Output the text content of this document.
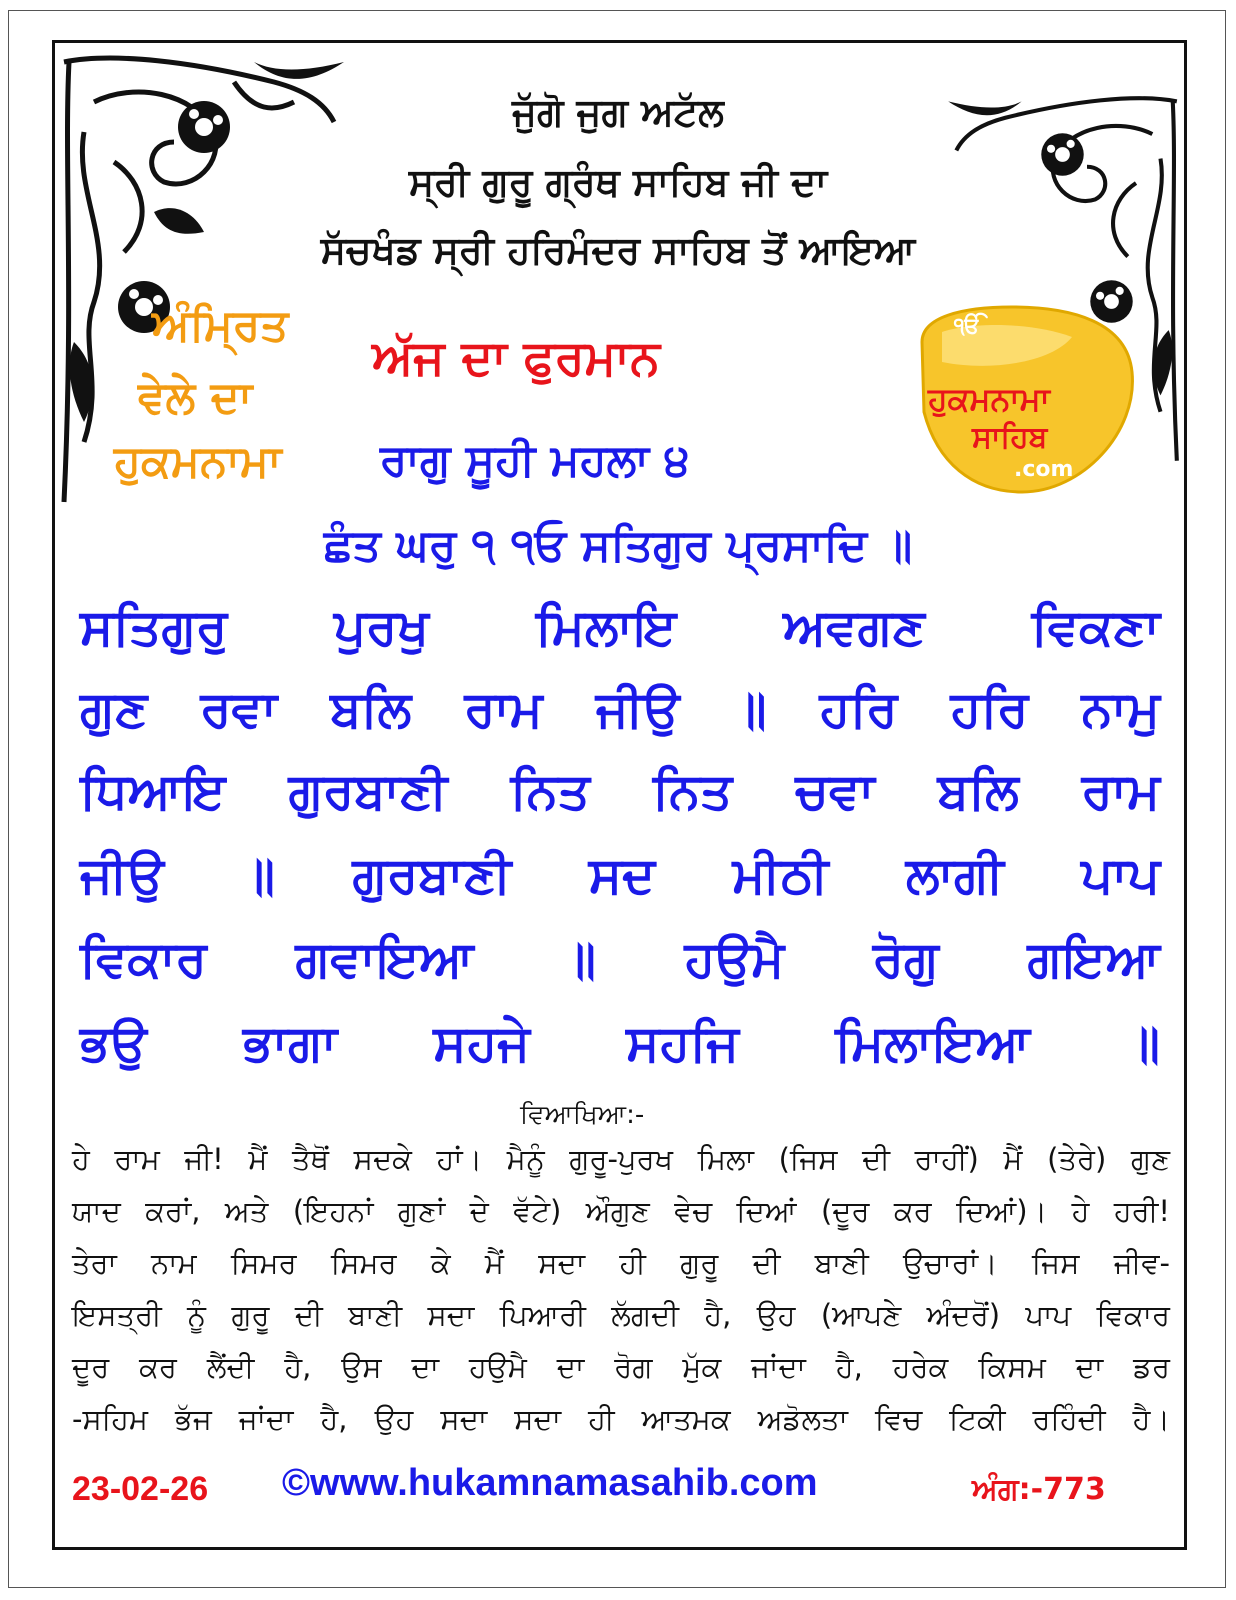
ਜੁੱਗੋ ਜੁਗ ਅਟੱਲ
ਸ੍ਰੀ ਗੁਰੂ ਗ੍ਰੰਥ ਸਾਹਿਬ ਜੀ ਦਾ
ਸੱਚਖੰਡ ਸ੍ਰੀ ਹਰਿਮੰਦਰ ਸਾਹਿਬ ਤੋਂ ਆਇਆ
ਅੰਮ੍ਰਿਤ
ਵੇਲੇ ਦਾ
ਹੁਕਮਨਾਮਾ
ਅੱਜ ਦਾ ਫੁਰਮਾਨ
ਰਾਗੁ ਸੂਹੀ ਮਹਲਾ ੪
ੴ
ਹੁਕਮਨਾਮਾ
ਸਾਹਿਬ
.com
ਛੰਤ ਘਰੁ ੧ ੧ਓ ਸਤਿਗੁਰ ਪ੍ਰਸਾਦਿ ॥
ਸਤਿਗੁਰੁ ਪੁਰਖੁ ਮਿਲਾਇ ਅਵਗਣ ਵਿਕਣਾ
ਗੁਣ ਰਵਾ ਬਲਿ ਰਾਮ ਜੀਉ ॥ ਹਰਿ ਹਰਿ ਨਾਮੁ
ਧਿਆਇ ਗੁਰਬਾਣੀ ਨਿਤ ਨਿਤ ਚਵਾ ਬਲਿ ਰਾਮ
ਜੀਉ ॥ ਗੁਰਬਾਣੀ ਸਦ ਮੀਠੀ ਲਾਗੀ ਪਾਪ
ਵਿਕਾਰ ਗਵਾਇਆ ॥ ਹਉਮੈ ਰੋਗੁ ਗਇਆ
ਭਉ ਭਾਗਾ ਸਹਜੇ ਸਹਜਿ ਮਿਲਾਇਆ ॥
ਵਿਆਖਿਆ:-
ਹੇ ਰਾਮ ਜੀ! ਮੈਂ ਤੈਥੋਂ ਸਦਕੇ ਹਾਂ। ਮੈਨੂੰ ਗੁਰੂ-ਪੁਰਖ ਮਿਲਾ (ਜਿਸ ਦੀ ਰਾਹੀਂ) ਮੈਂ (ਤੇਰੇ) ਗੁਣ
ਯਾਦ ਕਰਾਂ, ਅਤੇ (ਇਹਨਾਂ ਗੁਣਾਂ ਦੇ ਵੱਟੇ) ਔਗੁਣ ਵੇਚ ਦਿਆਂ (ਦੂਰ ਕਰ ਦਿਆਂ)। ਹੇ ਹਰੀ!
ਤੇਰਾ ਨਾਮ ਸਿਮਰ ਸਿਮਰ ਕੇ ਮੈਂ ਸਦਾ ਹੀ ਗੁਰੂ ਦੀ ਬਾਣੀ ਉਚਾਰਾਂ। ਜਿਸ ਜੀਵ-
ਇਸਤ੍ਰੀ ਨੂੰ ਗੁਰੂ ਦੀ ਬਾਣੀ ਸਦਾ ਪਿਆਰੀ ਲੱਗਦੀ ਹੈ, ਉਹ (ਆਪਣੇ ਅੰਦਰੋਂ) ਪਾਪ ਵਿਕਾਰ
ਦੂਰ ਕਰ ਲੈਂਦੀ ਹੈ, ਉਸ ਦਾ ਹਉਮੈ ਦਾ ਰੋਗ ਮੁੱਕ ਜਾਂਦਾ ਹੈ, ਹਰੇਕ ਕਿਸਮ ਦਾ ਡਰ
-ਸਹਿਮ ਭੱਜ ਜਾਂਦਾ ਹੈ, ਉਹ ਸਦਾ ਸਦਾ ਹੀ ਆਤਮਕ ਅਡੋਲਤਾ ਵਿਚ ਟਿਕੀ ਰਹਿੰਦੀ ਹੈ।
23-02-26 ©www.hukamnamasahib.com	ਅੰਗ:-773
